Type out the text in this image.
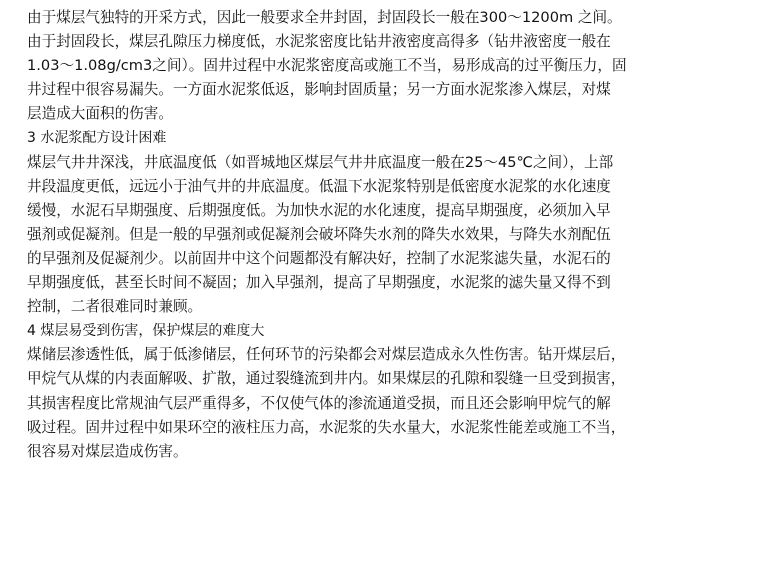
由于煤层气独特的开采方式，因此一般要求全井封固，封固段长一般在300～1200m 之间。
由于封固段长，煤层孔隙压力梯度低，水泥浆密度比钻井液密度高得多（钻井液密度一般在
1.03～1.08g/cm3之间）。固井过程中水泥浆密度高或施工不当，易形成高的过平衡压力，固
井过程中很容易漏失。一方面水泥浆低返，影响封固质量；另一方面水泥浆渗入煤层，对煤
层造成大面积的伤害。
3 水泥浆配方设计困难
煤层气井井深浅，井底温度低（如晋城地区煤层气井井底温度一般在25～45℃之间），上部
井段温度更低，远远小于油气井的井底温度。低温下水泥浆特别是低密度水泥浆的水化速度
缓慢，水泥石早期强度、后期强度低。为加快水泥的水化速度，提高早期强度，必须加入早
强剂或促凝剂。但是一般的早强剂或促凝剂会破坏降失水剂的降失水效果，与降失水剂配伍
的早强剂及促凝剂少。以前固井中这个问题都没有解决好，控制了水泥浆滤失量，水泥石的
早期强度低，甚至长时间不凝固；加入早强剂，提高了早期强度，水泥浆的滤失量又得不到
控制，二者很难同时兼顾。
4 煤层易受到伤害，保护煤层的难度大
煤储层渗透性低，属于低渗储层，任何环节的污染都会对煤层造成永久性伤害。钻开煤层后，
甲烷气从煤的内表面解吸、扩散，通过裂缝流到井内。如果煤层的孔隙和裂缝一旦受到损害，
其损害程度比常规油气层严重得多，不仅使气体的渗流通道受损，而且还会影响甲烷气的解
吸过程。固井过程中如果环空的液柱压力高，水泥浆的失水量大，水泥浆性能差或施工不当，
很容易对煤层造成伤害。
